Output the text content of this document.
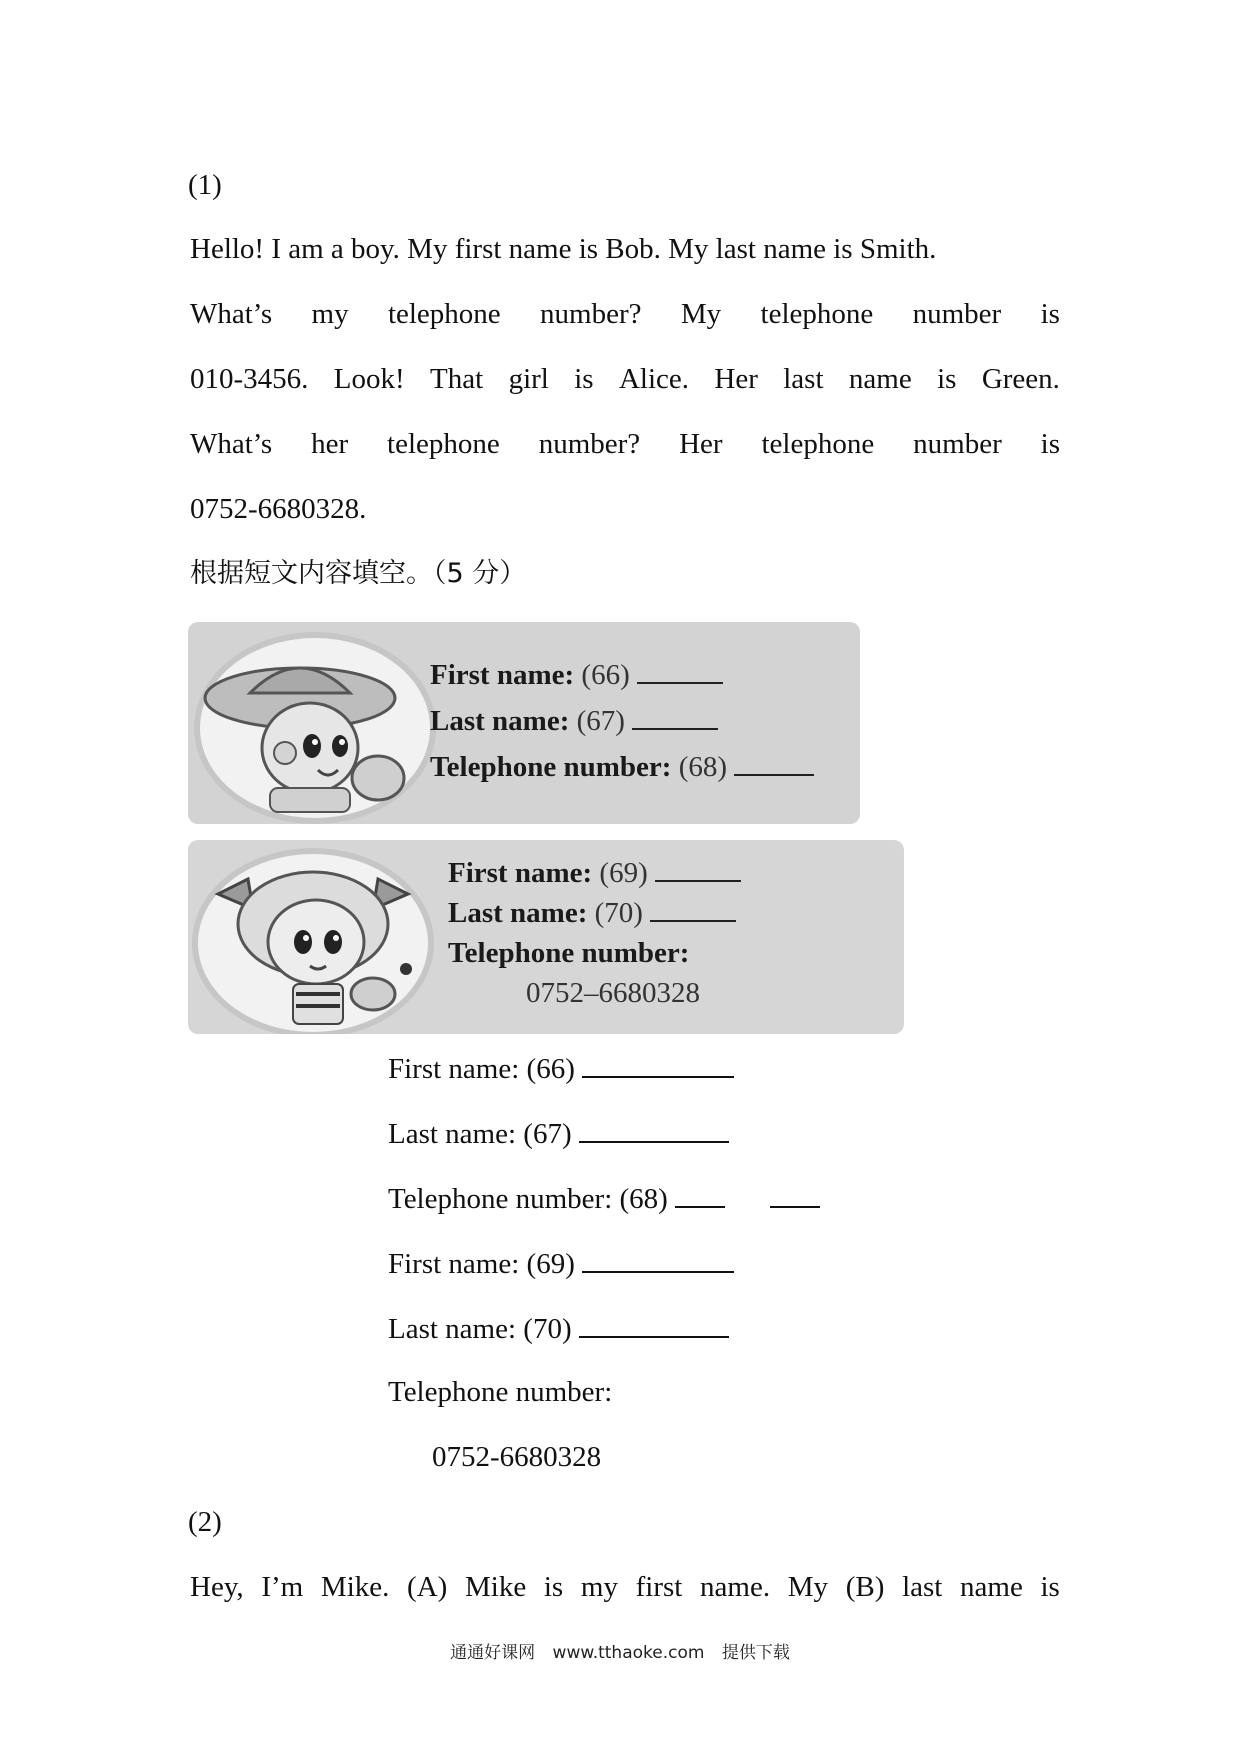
(1)
Hello! I am a boy. My first name is Bob. My last name is Smith.
What’s my telephone number? My telephone number is
010-3456. Look! That girl is Alice. Her last name is Green.
What’s her telephone number? Her telephone number is
0752-6680328.
根据短文内容填空。（5 分）
First name: (66)
Last name: (67)
Telephone number: (68)
First name: (69)
Last name: (70)
Telephone number:
0752–6680328
First name: (66)
Last name: (67)
Telephone number: (68)
First name: (69)
Last name: (70)
Telephone number:
0752-6680328
(2)
Hey, I’m Mike. (A) Mike is my first name. My (B) last name is
通通好课网 www.tthaoke.com 提供下载
